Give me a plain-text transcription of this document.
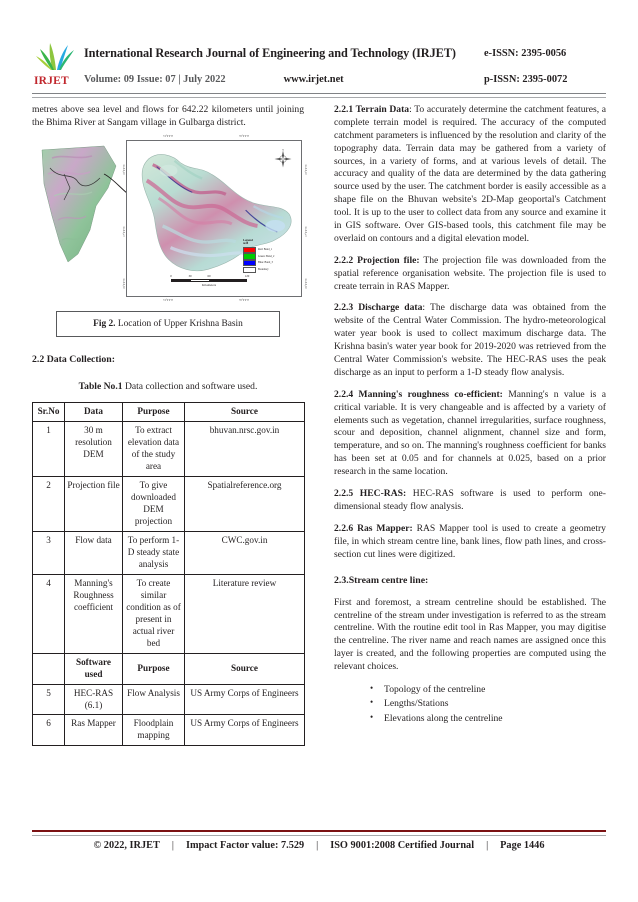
IRJET
International Research Journal of Engineering and Technology (IRJET)	e-ISSN: 2395-0056
Volume: 09 Issue: 07 | July 2022	www.irjet.net	p-ISSN: 2395-0072

metres above sea level and flows for 642.22 kilometers until joining the Bhima River at Sangam village in Gulbarga district.

74°0'0"E	76°0'0"E
74°0'0"E	76°0'0"E
18°0'0"N
17°0'0"N
16°0'0"N
18°0'0"N
17°0'0"N
16°0'0"N
N
Legend
m38
Red: Band_1
Green: Band_2
Blue: Band_3
Boundary
0	30	60	120
Kilometers
Fig 2. Location of Upper Krishna Basin
2.2 Data Collection:
Table No.1 Data collection and software used.
Sr.No	Data	Purpose	Source
1	30 m resolution DEM	To extract elevation data of the study area	bhuvan.nrsc.gov.in
2	Projection file	To give downloaded DEM projection	Spatialreference.org
3	Flow data	To perform 1-D steady state analysis	CWC.gov.in
4	Manning's Roughness coefficient	To create similar condition as of present in actual river bed	Literature review
	Software used	Purpose	Source
5	HEC-RAS (6.1)	Flow Analysis	US Army Corps of Engineers
6	Ras Mapper	Floodplain mapping	US Army Corps of Engineers

2.2.1 Terrain Data: To accurately determine the catchment features, a complete terrain model is required. The accuracy of the computed catchment parameters is influenced by the resolution and clarity of the topography data. Terrain data may be gathered from a variety of sources, in a variety of forms, and at various levels of detail. The accuracy and quality of the data are determined by the data gathering source used by the user. The catchment border is easily accessible as a shape file on the Bhuvan website's 2D-Map geoportal's Catchment tool. It is up to the user to collect data from any source and examine it in GIS software. Over GIS-based tools, this catchment file may be overlaid on contours and a digital elevation model.

2.2.2 Projection file: The projection file was downloaded from the spatial reference organisation website. The projection file is used to create terrain in RAS Mapper.

2.2.3 Discharge data: The discharge data was obtained from the website of the Central Water Commission. The hydro-meteorological water year book is used to collect maximum discharge data. The Krishna basin's water year book for 2019-2020 was retrieved from the Central Water Commission's website. The HEC-RAS uses the peak discharge as an input to perform a 1-D steady flow analysis.

2.2.4 Manning's roughness co-efficient: Manning's n value is a critical variable. It is very changeable and is affected by a variety of elements such as vegetation, channel irregularities, surface roughness, scour and deposition, channel alignment, channel size and form, temperature, and so on. The manning's roughness coefficient for banks has been set at 0.05 and for channels at 0.025, based on a prior research in the same location.

2.2.5 HEC-RAS: HEC-RAS software is used to perform one-dimensional steady flow analysis.

2.2.6 Ras Mapper: RAS Mapper tool is used to create a geometry file, in which stream centre line, bank lines, flow path lines, and cross-section cut lines were digitized.

2.3.Stream centre line:

First and foremost, a stream centreline should be established. The centreline of the stream under investigation is referred to as the stream centreline. With the routine edit tool in Ras Mapper, you may digitise the centreline. The river name and reach names are assigned once this layer is created, and the following properties are computed using the relevant choices.

• Topology of the centreline
• Lengths/Stations
• Elevations along the centreline
© 2022, IRJET	|	Impact Factor value: 7.529	|	ISO 9001:2008 Certified Journal	|	Page 1446
